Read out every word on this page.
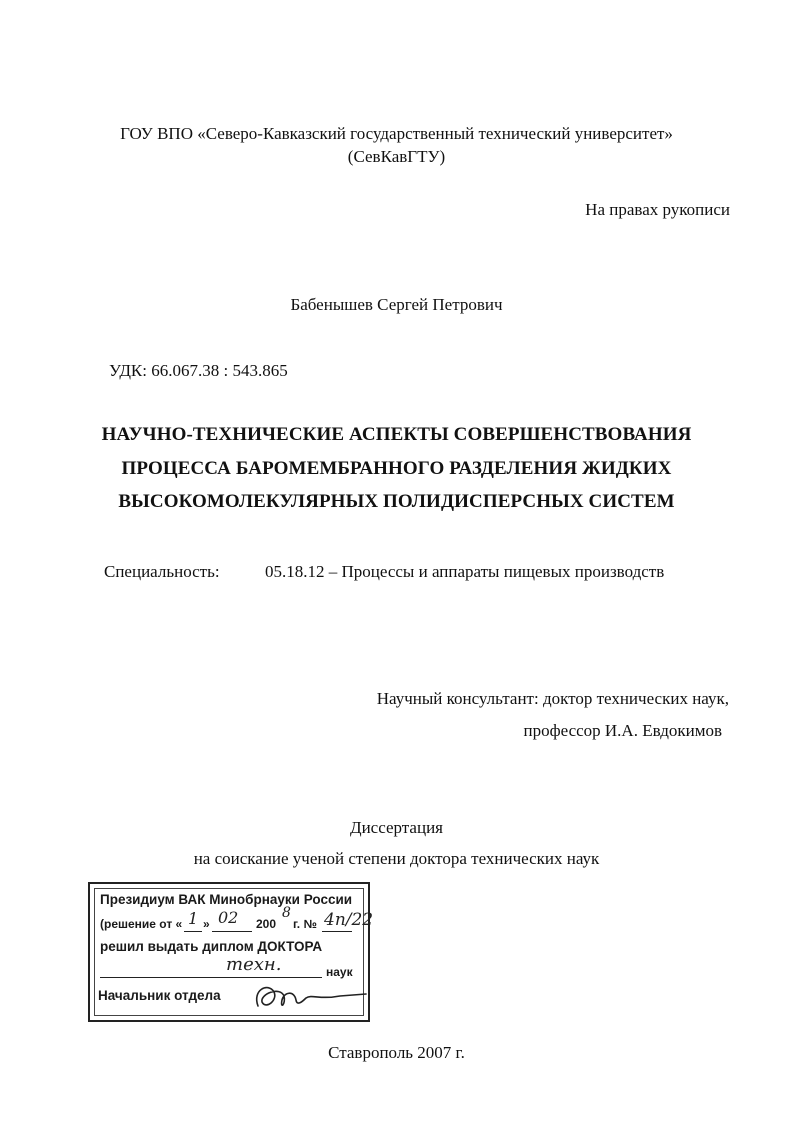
ГОУ ВПО «Северо-Кавказский государственный технический университет»
(СевКавГТУ)
На правах рукописи
Бабенышев Сергей Петрович
УДК: 66.067.38 : 543.865
НАУЧНО-ТЕХНИЧЕСКИЕ АСПЕКТЫ СОВЕРШЕНСТВОВАНИЯ
ПРОЦЕССА БАРОМЕМБРАННОГО РАЗДЕЛЕНИЯ ЖИДКИХ
ВЫСОКОМОЛЕКУЛЯРНЫХ ПОЛИДИСПЕРСНЫХ СИСТЕМ
Специальность:	05.18.12 – Процессы и аппараты пищевых производств
Научный консультант: доктор технических наук,
профессор И.А. Евдокимов
Диссертация
на соискание ученой степени доктора технических наук
Президиум ВАК Минобрнауки России
(решение от « 1 » 02 200
8
г. № 4п/22
решил выдать диплом ДОКТОРА
техн.	наук
Начальник отдела
Ставрополь 2007 г.
